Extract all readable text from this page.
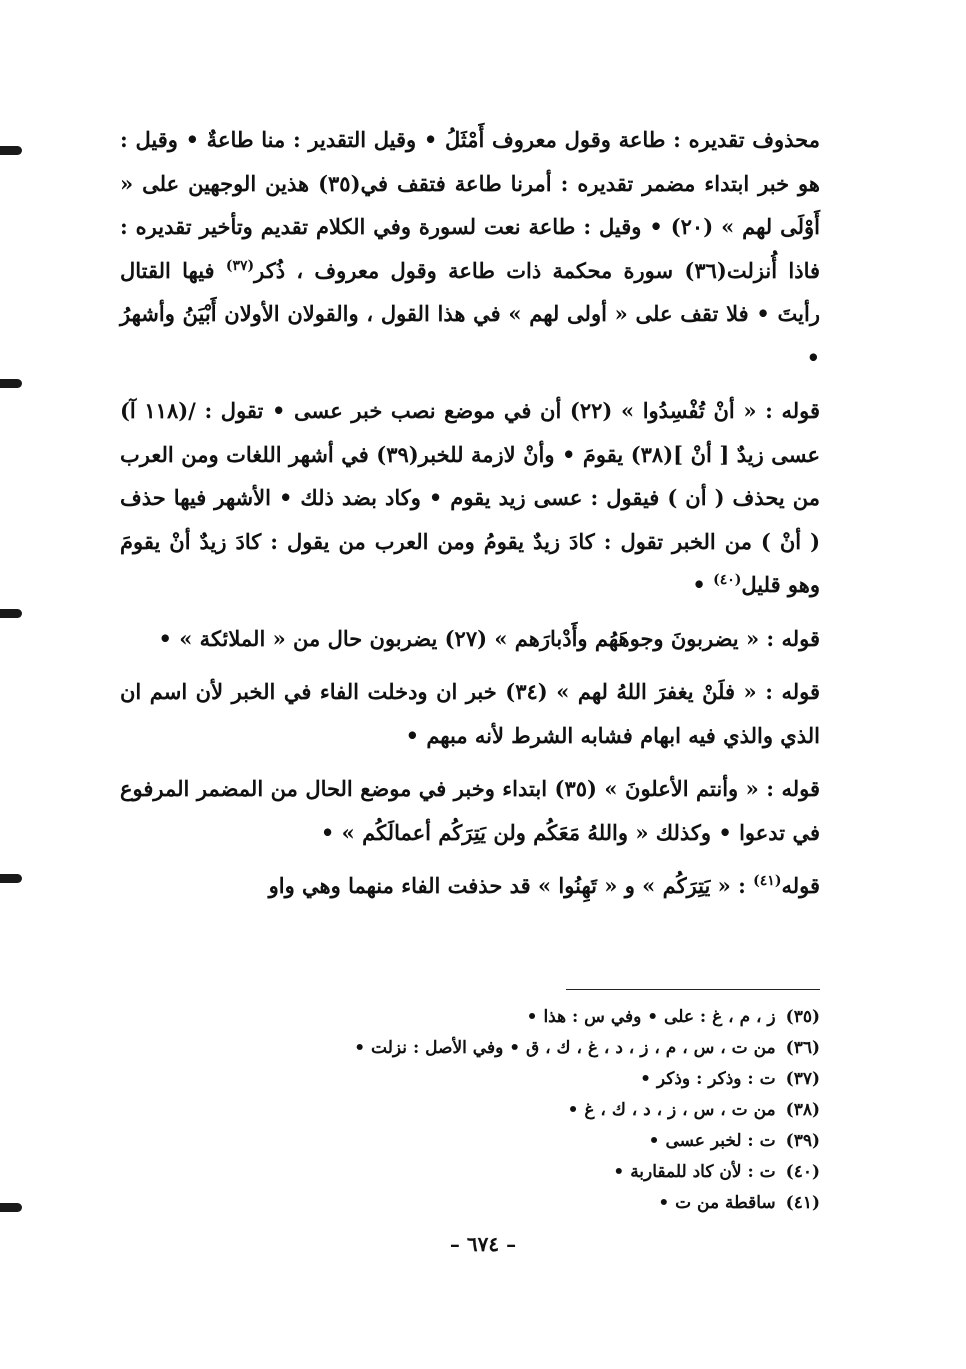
محذوف تقديره : طاعة وقول معروف أَمْثَلُ • وقيل التقدير : منا طاعةٌ • وقيل : هو خبر ابتداء مضمر تقديره : أمرنا طاعة فتقف في(٣٥) هذين الوجهين على « أَوْلَى لهم » (٢٠) • وقيل : طاعة نعت لسورة وفي الكلام تقديم وتأخير تقديره : فاذا أُنزلت(٣٦) سورة محكمة ذات طاعة وقول معروف ، ذُكر$^{(٣٧)}$ فيها القتال رأيتَ • فلا تقف على « أولى لهم » في هذا القول ، والقولان الأولان أَبْيَنُ وأشهرُ •

قوله : « أنْ تُفْسِدُوا » (٢٢) أن في موضع نصب خبر عسى • تقول : /(١١٨ آ) عسى زيدٌ [ أنْ ](٣٨) يقومَ • وأنْ لازمة للخبر(٣٩) في أشهر اللغات ومن العرب من يحذف ( أن ) فيقول : عسى زيد يقوم • وكاد بضد ذلك • الأشهر فيها حذف ( أنْ ) من الخبر تقول : كادَ زيدٌ يقومُ ومن العرب من يقول : كادَ زيدٌ أنْ يقومَ وهو قليل$^{(٤٠)}$ •

قوله : « يضربونَ وجوهَهُم وأَدْبارَهم » (٢٧) يضربون حال من « الملائكة » •

قوله : « فلَنْ يغفرَ اللهُ لهم » (٣٤) خبر ان ودخلت الفاء في الخبر لأن اسم ان الذي والذي فيه ابهام فشابه الشرط لأنه مبهم •

قوله : « وأنتم الأعلونَ » (٣٥) ابتداء وخبر في موضع الحال من المضمر المرفوع في تدعوا • وكذلك « واللهُ مَعَكُم ولن يَتِرَكُم أعمالَكُم » •

قوله$^{(٤١)}$ : « يَتِرَكُم » و « تَهِنُوا » قد حذفت الفاء منهما وهي واو

(٣٥)ز ، م ، غ : على • وفي س : هذا •
(٣٦)من ت ، س ، م ، ز ، د ، غ ، ك ، ق • وفي الأصل : نزلت •
(٣٧)ت : وذكر : وذكر •
(٣٨)من ت ، س ، ز ، د ، ك ، غ •
(٣٩)ت : لخبر عسى •
(٤٠)ت : لأن كاد للمقاربة •
(٤١)ساقطة من ت •
– ٦٧٤ –
